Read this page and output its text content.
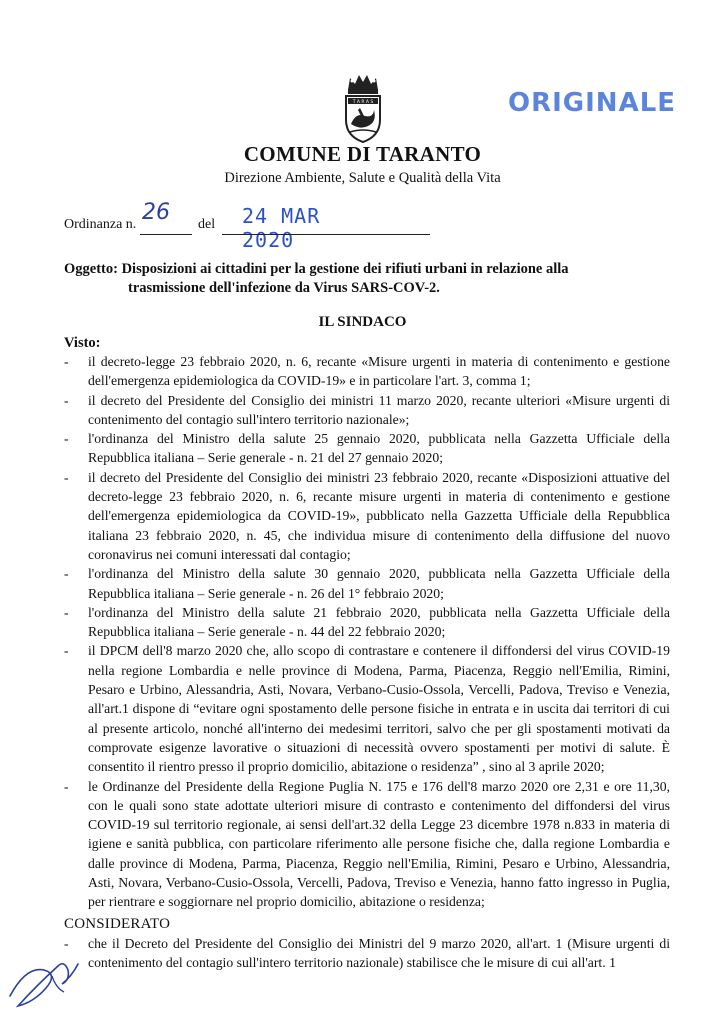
T A R A S	ORIGINALE
COMUNE DI TARANTO
Direzione Ambiente, Salute e Qualità della Vita
Ordinanza n. 26 del 24 MAR 2020
Oggetto: Disposizioni ai cittadini per la gestione dei rifiuti urbani in relazione alla
trasmissione dell'infezione da Virus SARS-COV-2.
IL SINDACO
Visto:
- il decreto-legge 23 febbraio 2020, n. 6, recante «Misure urgenti in materia di contenimento e gestione dell'emergenza epidemiologica da COVID-19» e in particolare l'art. 3, comma 1;
- il decreto del Presidente del Consiglio dei ministri 11 marzo 2020, recante ulteriori «Misure urgenti di contenimento del contagio sull'intero territorio nazionale»;
- l'ordinanza del Ministro della salute 25 gennaio 2020, pubblicata nella Gazzetta Ufficiale della Repubblica italiana – Serie generale - n. 21 del 27 gennaio 2020;
- il decreto del Presidente del Consiglio dei ministri 23 febbraio 2020, recante «Disposizioni attuative del decreto-legge 23 febbraio 2020, n. 6, recante misure urgenti in materia di contenimento e gestione dell'emergenza epidemiologica da COVID-19», pubblicato nella Gazzetta Ufficiale della Repubblica italiana 23 febbraio 2020, n. 45, che individua misure di contenimento della diffusione del nuovo coronavirus nei comuni interessati dal contagio;
- l'ordinanza del Ministro della salute 30 gennaio 2020, pubblicata nella Gazzetta Ufficiale della Repubblica italiana – Serie generale - n. 26 del 1° febbraio 2020;
- l'ordinanza del Ministro della salute 21 febbraio 2020, pubblicata nella Gazzetta Ufficiale della Repubblica italiana – Serie generale - n. 44 del 22 febbraio 2020;
- il DPCM dell'8 marzo 2020 che, allo scopo di contrastare e contenere il diffondersi del virus COVID-19 nella regione Lombardia e nelle province di Modena, Parma, Piacenza, Reggio nell'Emilia, Rimini, Pesaro e Urbino, Alessandria, Asti, Novara, Verbano-Cusio-Ossola, Vercelli, Padova, Treviso e Venezia, all'art.1 dispone di “evitare ogni spostamento delle persone fisiche in entrata e in uscita dai territori di cui al presente articolo, nonché all'interno dei medesimi territori, salvo che per gli spostamenti motivati da comprovate esigenze lavorative o situazioni di necessità ovvero spostamenti per motivi di salute. È consentito il rientro presso il proprio domicilio, abitazione o residenza” , sino al 3 aprile 2020;
- le Ordinanze del Presidente della Regione Puglia N. 175 e 176 dell'8 marzo 2020 ore 2,31 e ore 11,30, con le quali sono state adottate ulteriori misure di contrasto e contenimento del diffondersi del virus COVID-19 sul territorio regionale, ai sensi dell'art.32 della Legge 23 dicembre 1978 n.833 in materia di igiene e sanità pubblica, con particolare riferimento alle persone fisiche che, dalla regione Lombardia e dalle province di Modena, Parma, Piacenza, Reggio nell'Emilia, Rimini, Pesaro e Urbino, Alessandria, Asti, Novara, Verbano-Cusio-Ossola, Vercelli, Padova, Treviso e Venezia, hanno fatto ingresso in Puglia, per rientrare e soggiornare nel proprio domicilio, abitazione o residenza;
CONSIDERATO
- che il Decreto del Presidente del Consiglio dei Ministri del 9 marzo 2020, all'art. 1 (Misure urgenti di contenimento del contagio sull'intero territorio nazionale) stabilisce che le misure di cui all'art. 1
